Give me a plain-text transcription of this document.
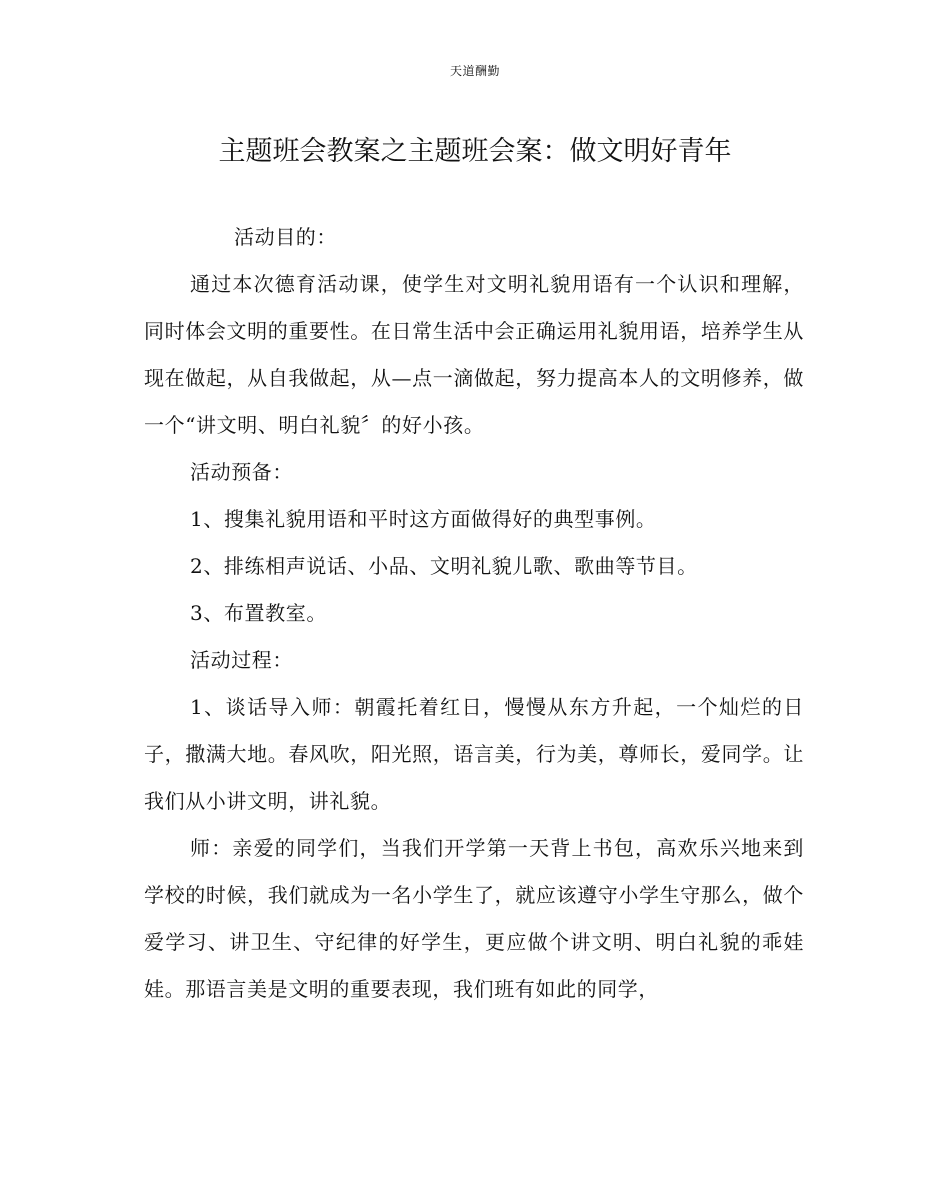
天道酬勤
主题班会教案之主题班会案：做文明好青年

活动目的：

通过本次德育活动课，使学生对文明礼貌用语有一个认识和理解，同时体会文明的重要性。在日常生活中会正确运用礼貌用语，培养学生从现在做起，从自我做起，从—点一滴做起，努力提高本人的文明修养，做一个“讲文明、明白礼貌〞的好小孩。

活动预备：

1、搜集礼貌用语和平时这方面做得好的典型事例。

2、排练相声说话、小品、文明礼貌儿歌、歌曲等节目。

3、布置教室。

活动过程：

1、谈话导入师：朝霞托着红日，慢慢从东方升起，一个灿烂的日子，撒满大地。春风吹，阳光照，语言美，行为美，尊师长，爱同学。让我们从小讲文明，讲礼貌。

师：亲爱的同学们，当我们开学第一天背上书包，高欢乐兴地来到学校的时候，我们就成为一名小学生了，就应该遵守小学生守那么，做个爱学习、讲卫生、守纪律的好学生，更应做个讲文明、明白礼貌的乖娃娃。那语言美是文明的重要表现，我们班有如此的同学，
